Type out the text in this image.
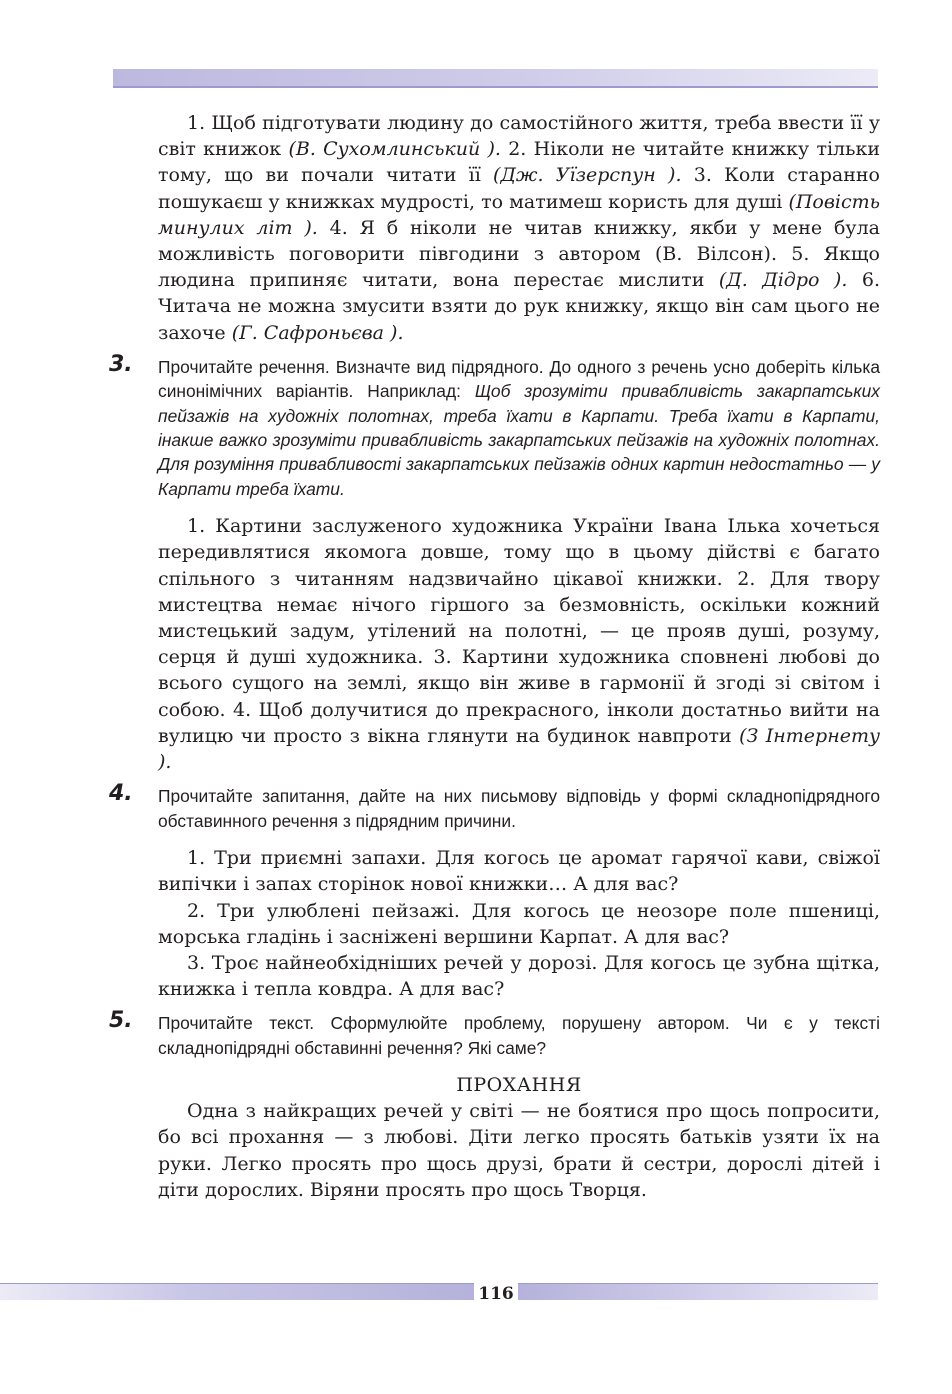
1. Щоб підготувати людину до самостійного життя, треба ввести її у світ книжок (В. Сухомлинський ). 2. Ніколи не читайте книжку тільки тому, що ви почали читати її (Дж. Уїзерспун ). 3. Коли старанно пошукаєш у книжках мудрості, то матимеш користь для душі (Повість минулих літ ). 4. Я б ніколи не читав книжку, якби у мене була можливість поговорити півгодини з автором (В. Вілсон). 5. Якщо людина припиняє читати, вона перестає мислити (Д. Дідро ). 6. Читача не можна змусити взяти до рук книжку, якщо він сам цього не захоче (Г. Сафроньєва ).

3. Прочитайте речення. Визначте вид підрядного. До одного з речень усно доберіть кілька синонімічних варіантів. Наприклад: Щоб зрозуміти привабливість закарпатських пейзажів на художніх полотнах, треба їхати в Карпати. Треба їхати в Карпати, інакше важко зрозуміти привабливість закарпатських пейзажів на художніх полотнах. Для розуміння привабливості закарпатських пейзажів одних картин недостатньо — у Карпати треба їхати.

1. Картини заслуженого художника України Івана Ілька хочеться передивлятися якомога довше, тому що в цьому дійстві є багато спільного з читанням надзвичайно цікавої книжки. 2. Для твору мистецтва немає нічого гіршого за безмовність, оскільки кожний мистецький задум, утілений на полотні, — це прояв душі, розуму, серця й душі художника. 3. Картини художника сповнені любові до всього сущого на землі, якщо він живе в гармонії й згоді зі світом і собою. 4. Щоб долучитися до прекрасного, інколи достатньо вийти на вулицю чи просто з вікна глянути на будинок навпроти (З Інтернету ).

4. Прочитайте запитання, дайте на них письмову відповідь у формі складнопідрядного обставинного речення з підрядним причини.

1. Три приємні запахи. Для когось це аромат гарячої кави, свіжої випічки і запах сторінок нової книжки… А для вас?

2. Три улюблені пейзажі. Для когось це неозоре поле пшениці, морська гладінь і засніжені вершини Карпат. А для вас?

3. Троє найнеобхідніших речей у дорозі. Для когось це зубна щітка, книжка і тепла ковдра. А для вас?

5. Прочитайте текст. Сформулюйте проблему, порушену автором. Чи є у тексті складнопідрядні обставинні речення? Які саме?

ПРОХАННЯ

Одна з найкращих речей у світі — не боятися про щось попросити, бо всі прохання — з любові. Діти легко просять батьків узяти їх на руки. Легко просять про щось друзі, брати й сестри, дорослі дітей і діти дорослих. Віряни просять про щось Творця.

116
